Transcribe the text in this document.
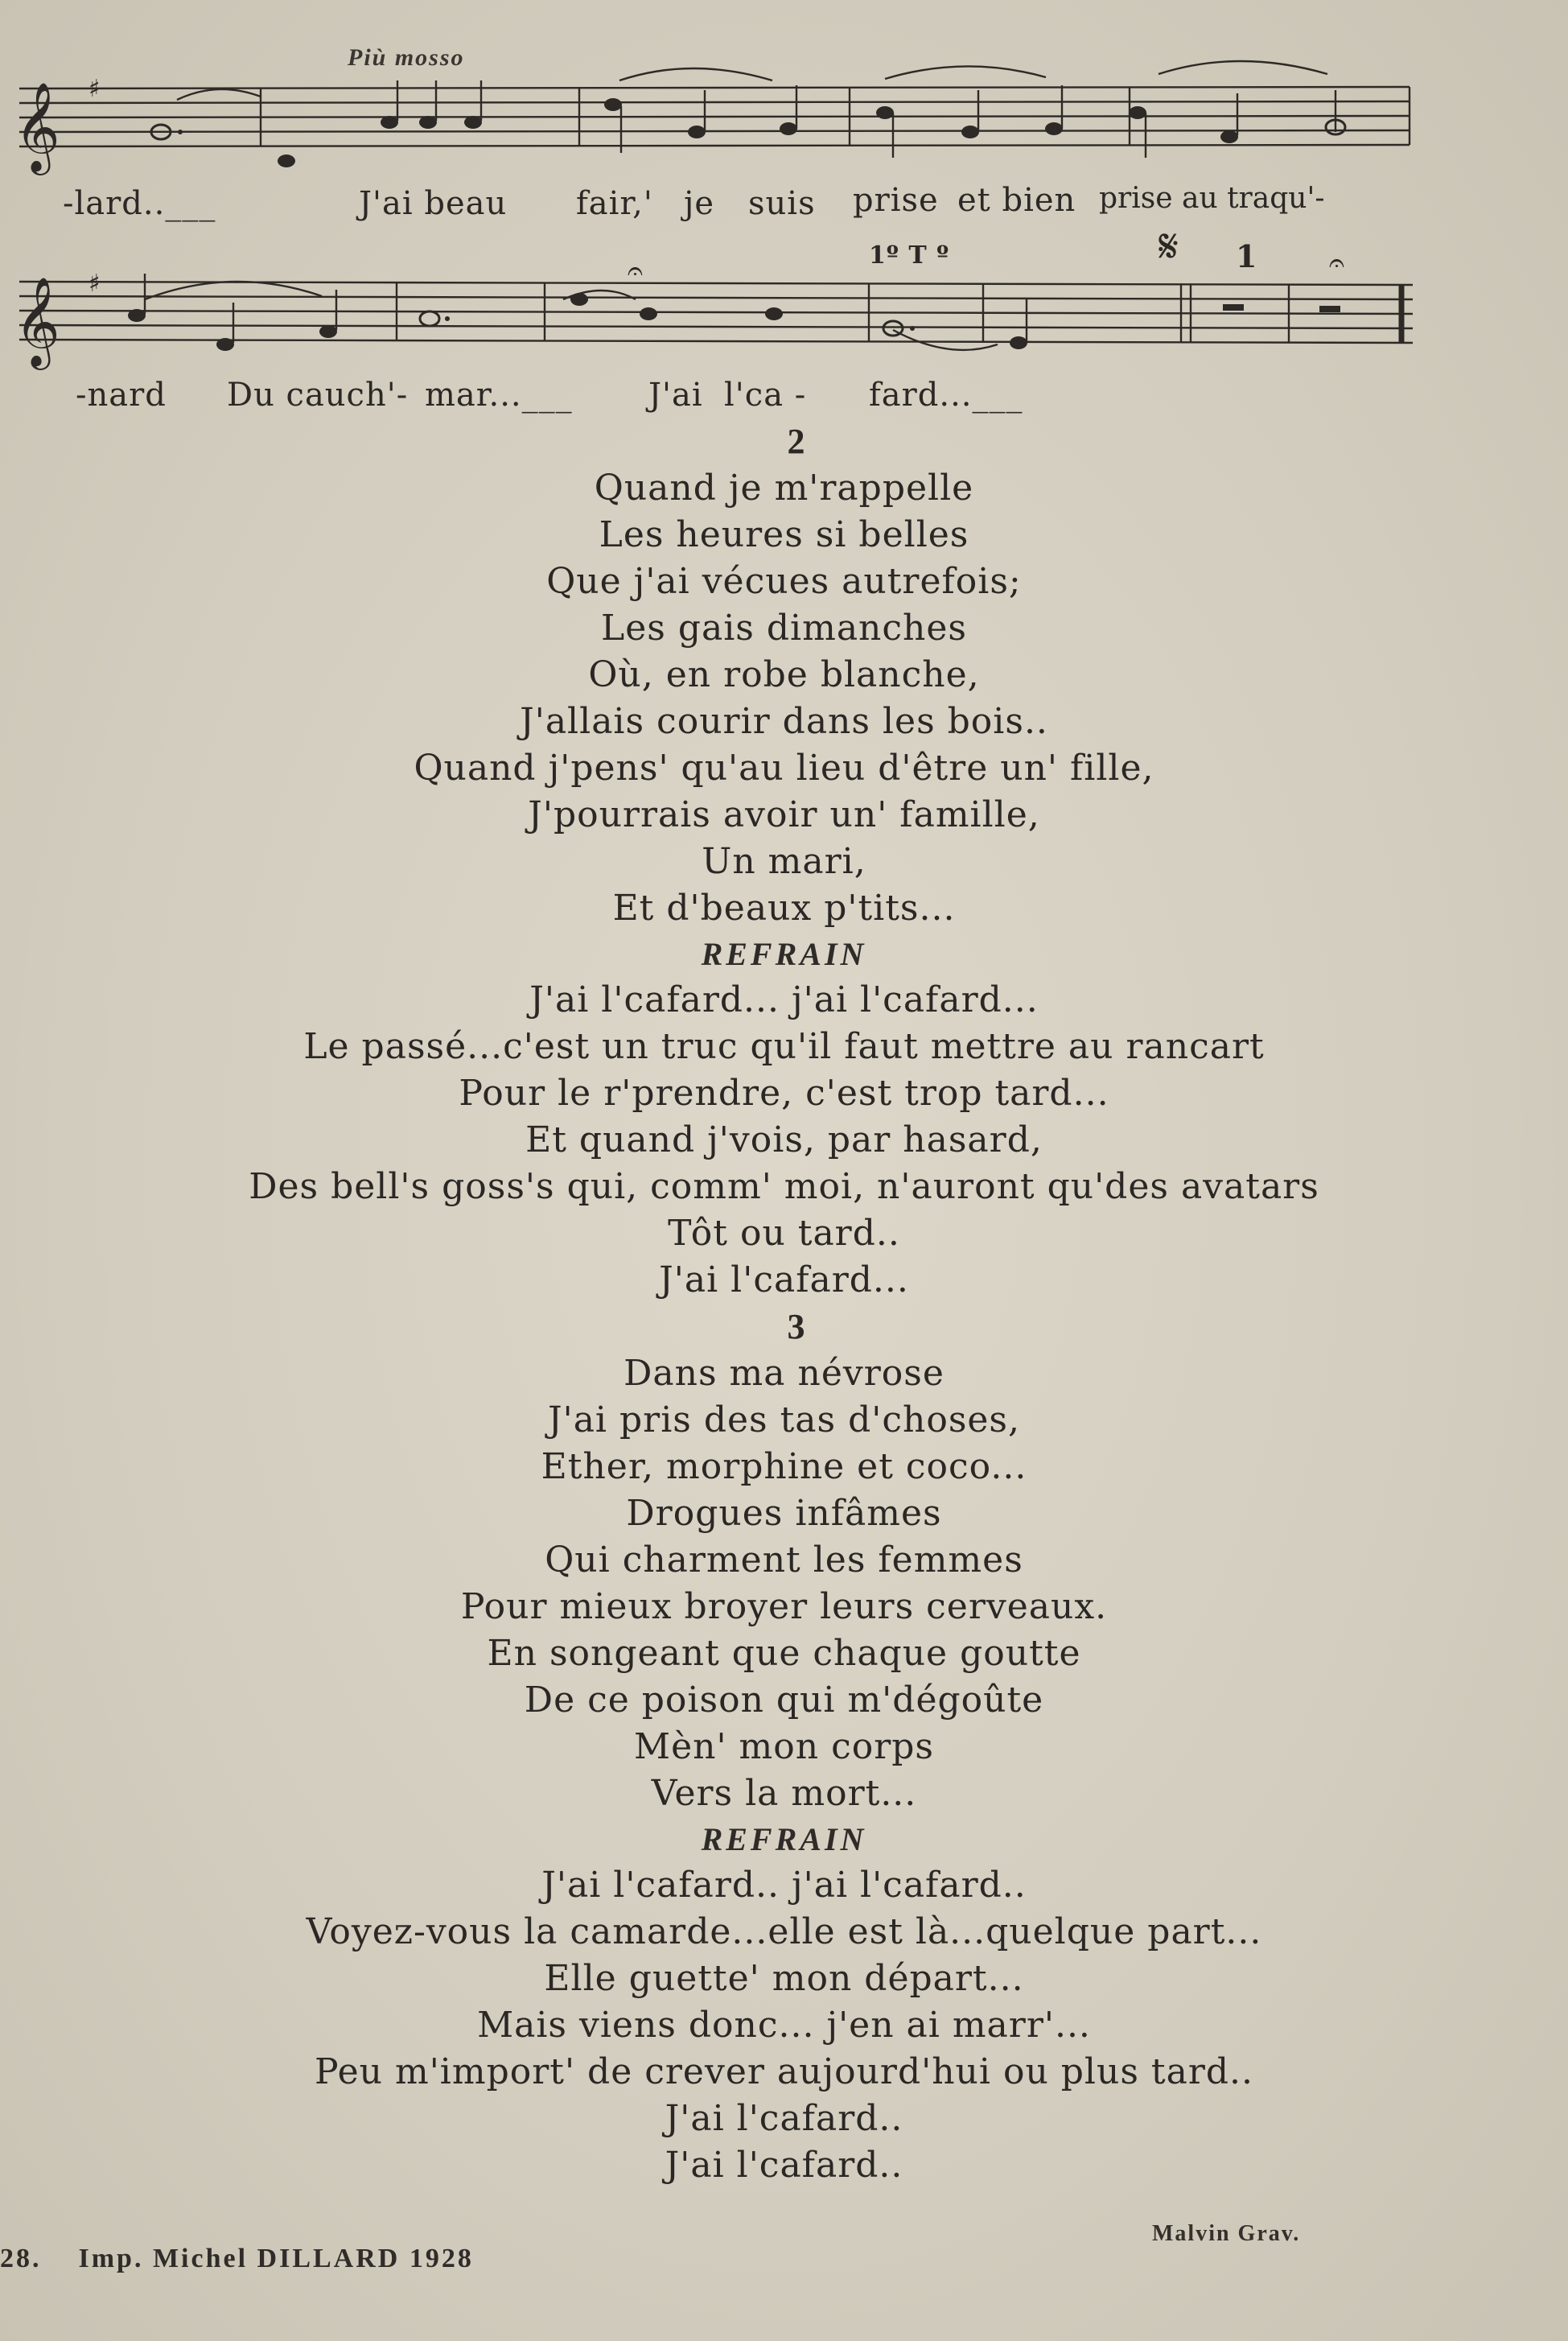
Più mosso
𝄞
𝄞
♯
♯	𝄐	𝄐
-lard..___	J'ai beau fair,' je suis prise et bien prise au traqu'-
1º T º	𝄋 1
-nard Du cauch'- mar...___ J'ai l'ca - fard...___
2
Quand je m'rappelle
Les heures si belles
Que j'ai vécues autrefois;
Les gais dimanches
Où, en robe blanche,
J'allais courir dans les bois..
Quand j'pens' qu'au lieu d'être un' fille,
J'pourrais avoir un' famille,
Un mari,
Et d'beaux p'tits...
REFRAIN
J'ai l'cafard... j'ai l'cafard...
Le passé...c'est un truc qu'il faut mettre au rancart
Pour le r'prendre, c'est trop tard...
Et quand j'vois, par hasard,
Des bell's goss's qui, comm' moi, n'auront qu'des avatars
Tôt ou tard..
J'ai l'cafard...
3
Dans ma névrose
J'ai pris des tas d'choses,
Ether, morphine et coco...
Drogues infâmes
Qui charment les femmes
Pour mieux broyer leurs cerveaux.
En songeant que chaque goutte
De ce poison qui m'dégoûte
Mèn' mon corps
Vers la mort...
REFRAIN
J'ai l'cafard.. j'ai l'cafard..
Voyez-vous la camarde...elle est là...quelque part...
Elle guette' mon départ...
Mais viens donc... j'en ai marr'...
Peu m'import' de crever aujourd'hui ou plus tard..
J'ai l'cafard..
J'ai l'cafard..
28. Imp. Michel DILLARD 1928
Malvin Grav.
